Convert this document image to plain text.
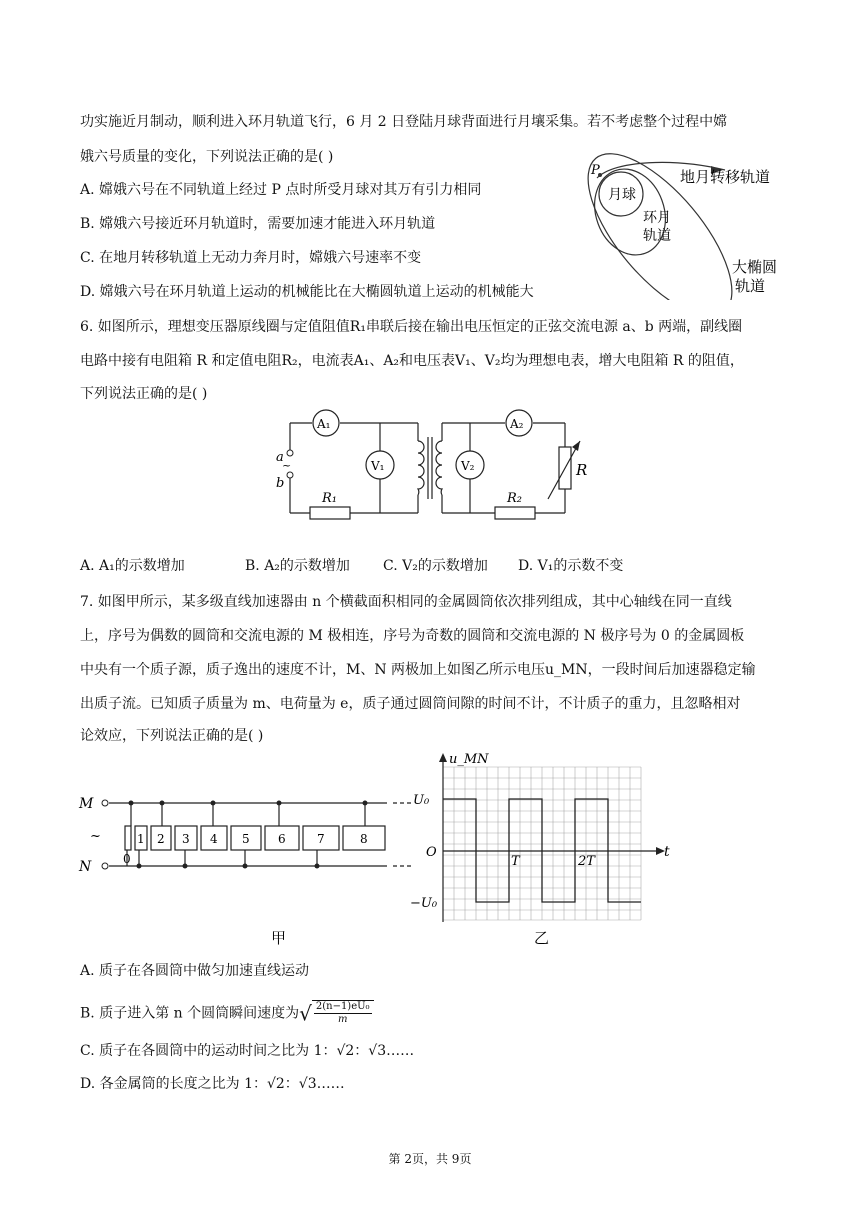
功实施近月制动，顺利进入环月轨道飞行，6 月 2 日登陆月球背面进行月壤采集。若不考虑整个过程中嫦
娥六号质量的变化，下列说法正确的是( )
A. 嫦娥六号在不同轨道上经过 P 点时所受月球对其万有引力相同
B. 嫦娥六号接近环月轨道时，需要加速才能进入环月轨道
C. 在地月转移轨道上无动力奔月时，嫦娥六号速率不变
D. 嫦娥六号在环月轨道上运动的机械能比在大椭圆轨道上运动的机械能大
P
月球
地月转移轨道
环月
轨道
大椭圆
轨道
6. 如图所示，理想变压器原线圈与定值阻值R₁串联后接在输出电压恒定的正弦交流电源 a、b 两端，副线圈
电路中接有电阻箱 R 和定值电阻R₂，电流表A₁、A₂和电压表V₁、V₂均为理想电表，增大电阻箱 R 的阻值，
下列说法正确的是( )
a
~
b
A₁
V₁	V₂
A₂
R₁	R₂
R
A. A₁的示数增加	B. A₂的示数增加 C. V₂的示数增加 D. V₁的示数不变
7. 如图甲所示，某多级直线加速器由 n 个横截面积相同的金属圆筒依次排列组成，其中心轴线在同一直线
上，序号为偶数的圆筒和交流电源的 M 极相连，序号为奇数的圆筒和交流电源的 N 极序号为 0 的金属圆板
中央有一个质子源，质子逸出的速度不计，M、N 两极加上如图乙所示电压u_MN，一段时间后加速器稳定输
出质子流。已知质子质量为 m、电荷量为 e，质子通过圆筒间隙的时间不计，不计质子的重力，且忽略相对
论效应，下列说法正确的是( )
M
N
~
0
1 2 3 4 5 6	7	8
甲
u_MN
U₀
O
−U₀
T	2T
t
乙
A. 质子在各圆筒中做匀加速直线运动
B. 质子进入第 n 个圆筒瞬间速度为√ $\frac{\text{2(n−1)eU₀}}{m}$
C. 质子在各圆筒中的运动时间之比为 1：√2：√3……
D. 各金属筒的长度之比为 1：√2：√3……
第 2页，共 9页
